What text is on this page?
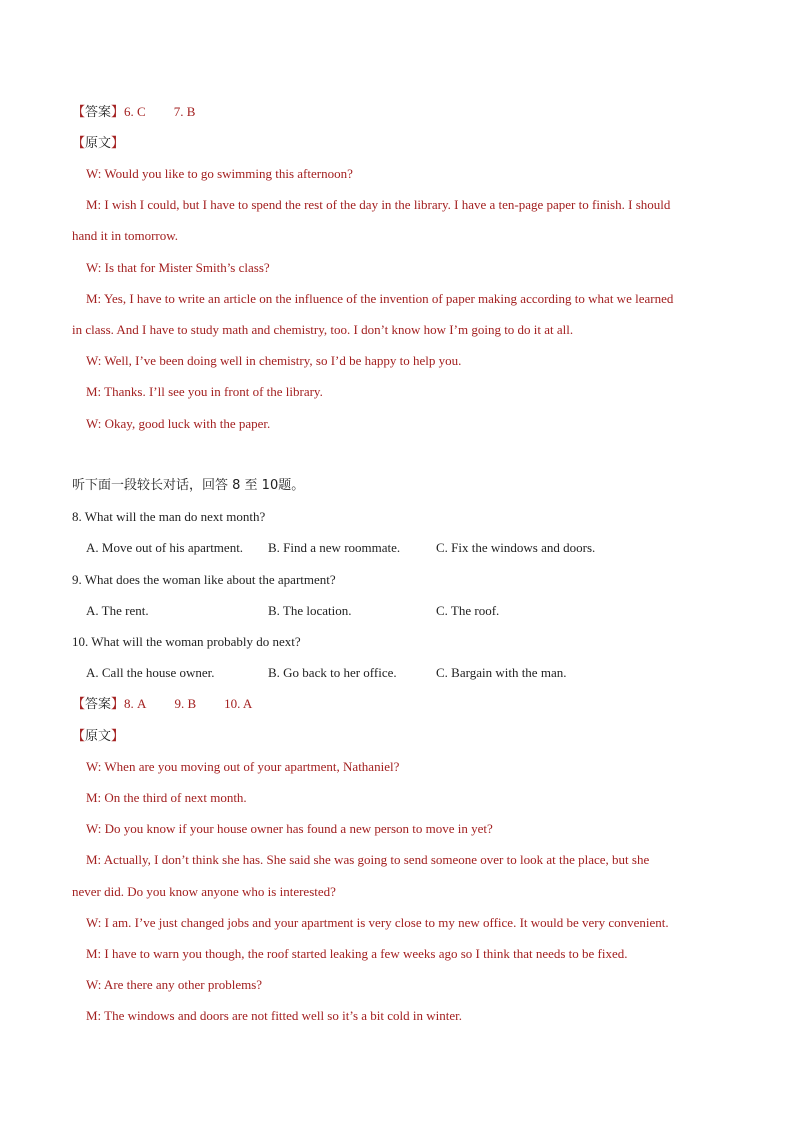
【答案】6. C 7. B
【原文】
W: Would you like to go swimming this afternoon?
M: I wish I could, but I have to spend the rest of the day in the library. I have a ten-page paper to finish. I should
hand it in tomorrow.
W: Is that for Mister Smith’s class?
M: Yes, I have to write an article on the influence of the invention of paper making according to what we learned
in class. And I have to study math and chemistry, too. I don’t know how I’m going to do it at all.
W: Well, I’ve been doing well in chemistry, so I’d be happy to help you.
M: Thanks. I’ll see you in front of the library.
W: Okay, good luck with the paper.
听下面一段较长对话，回答 8 至 10题。
8. What will the man do next month?
A. Move out of his apartment. B. Find a new roommate.	C. Fix the windows and doors.
9. What does the woman like about the apartment?
A. The rent.	B. The location.	C. The roof.
10. What will the woman probably do next?
A. Call the house owner.	B. Go back to her office.	C. Bargain with the man.
【答案】8. A 9. B 10. A
【原文】
W: When are you moving out of your apartment, Nathaniel?
M: On the third of next month.
W: Do you know if your house owner has found a new person to move in yet?
M: Actually, I don’t think she has. She said she was going to send someone over to look at the place, but she
never did. Do you know anyone who is interested?
W: I am. I’ve just changed jobs and your apartment is very close to my new office. It would be very convenient.
M: I have to warn you though, the roof started leaking a few weeks ago so I think that needs to be fixed.
W: Are there any other problems?
M: The windows and doors are not fitted well so it’s a bit cold in winter.
